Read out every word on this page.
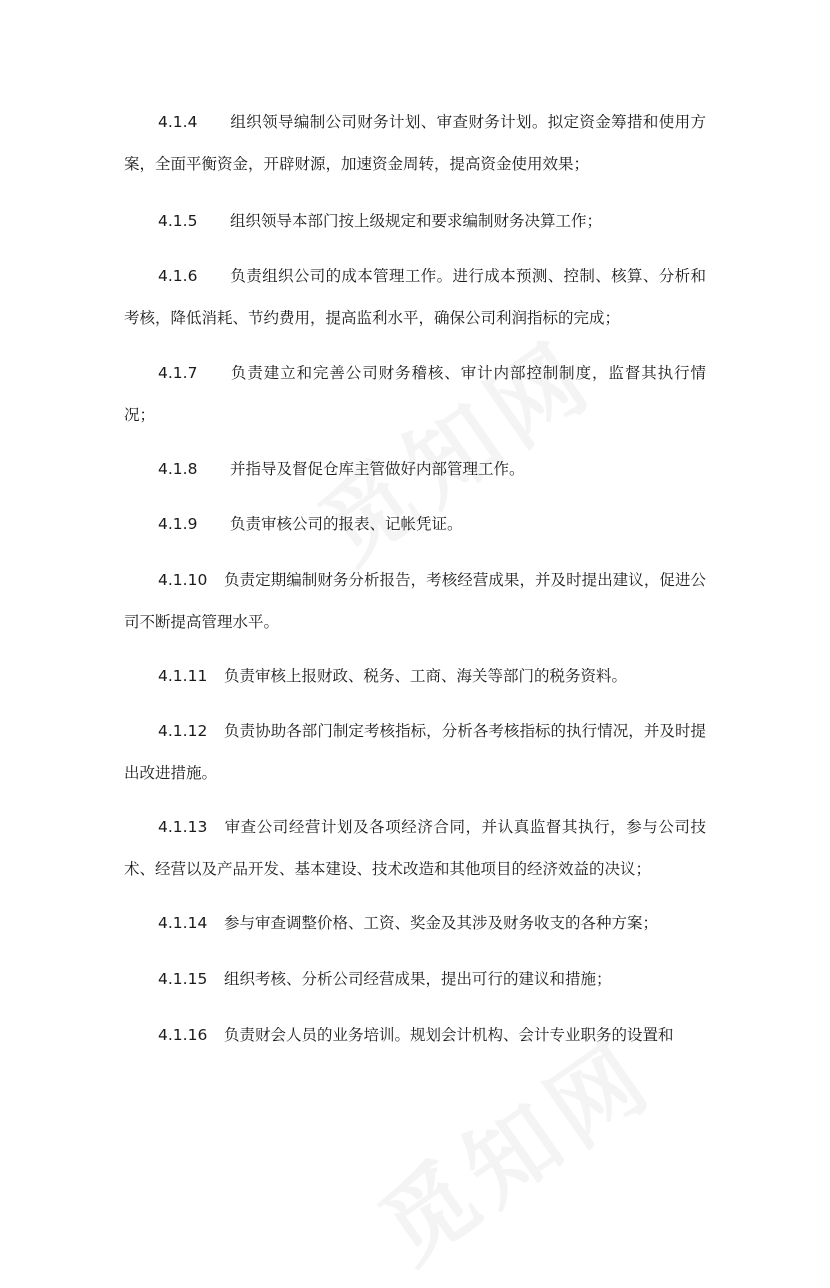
4.1.4 组织领导编制公司财务计划、审查财务计划。拟定资金筹措和使用方案，全面平衡资金，开辟财源，加速资金周转，提高资金使用效果；

4.1.5 组织领导本部门按上级规定和要求编制财务决算工作；

4.1.6 负责组织公司的成本管理工作。进行成本预测、控制、核算、分析和考核，降低消耗、节约费用，提高监利水平，确保公司利润指标的完成；

4.1.7 负责建立和完善公司财务稽核、审计内部控制制度，监督其执行情况；

4.1.8 并指导及督促仓库主管做好内部管理工作。

4.1.9 负责审核公司的报表、记帐凭证。

4.1.10 负责定期编制财务分析报告，考核经营成果，并及时提出建议，促进公司不断提高管理水平。

4.1.11 负责审核上报财政、税务、工商、海关等部门的税务资料。

4.1.12 负责协助各部门制定考核指标，分析各考核指标的执行情况，并及时提出改进措施。

4.1.13 审查公司经营计划及各项经济合同，并认真监督其执行，参与公司技术、经营以及产品开发、基本建设、技术改造和其他项目的经济效益的决议；

4.1.14 参与审查调整价格、工资、奖金及其涉及财务收支的各种方案；

4.1.15 组织考核、分析公司经营成果，提出可行的建议和措施；

4.1.16 负责财会人员的业务培训。规划会计机构、会计专业职务的设置和
